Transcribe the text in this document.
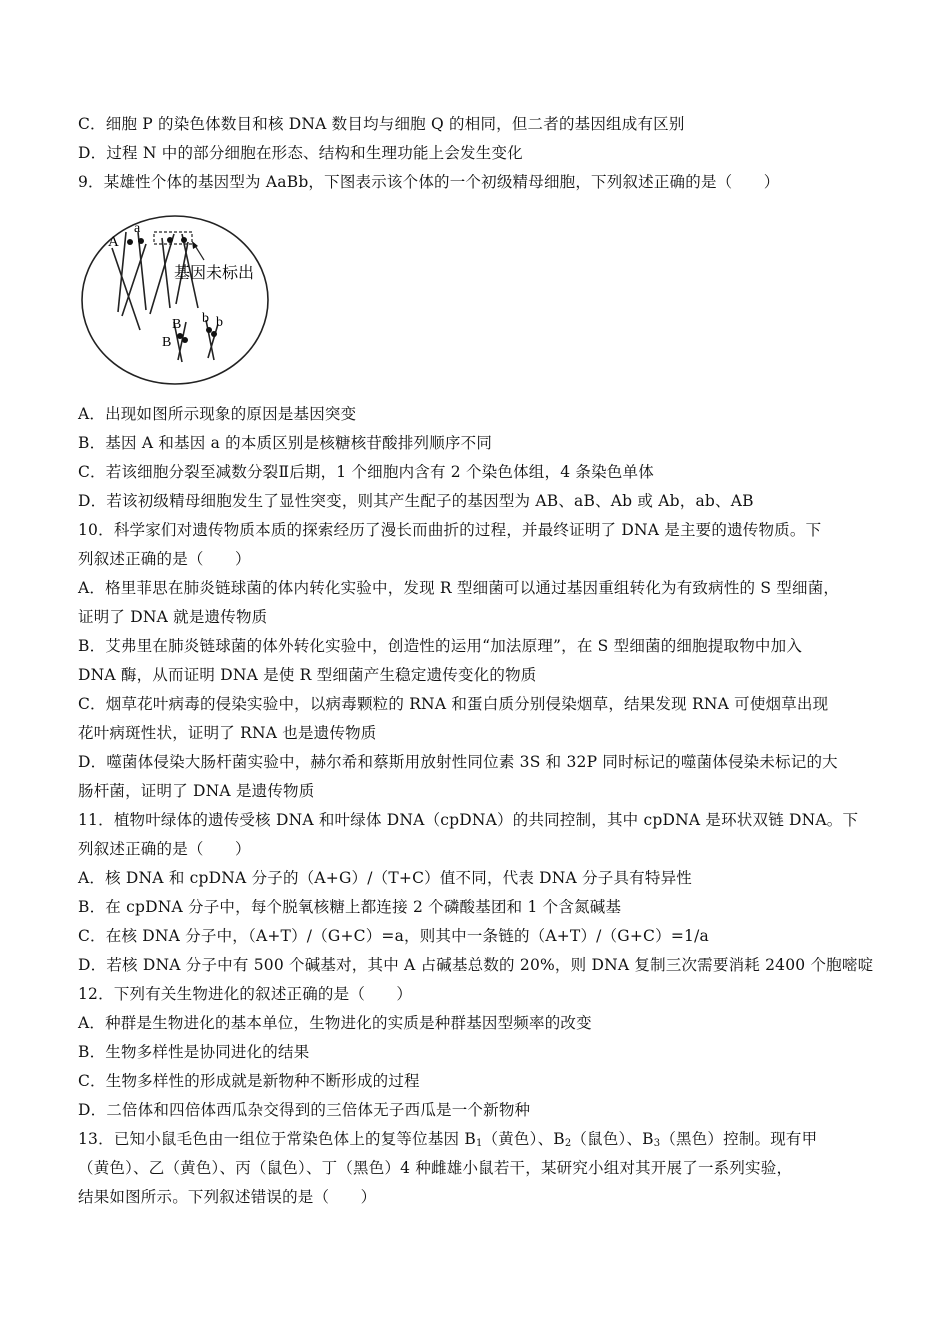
C．细胞 P 的染色体数目和核 DNA 数目均与细胞 Q 的相同，但二者的基因组成有区别
D．过程 N 中的部分细胞在形态、结构和生理功能上会发生变化
9．某雄性个体的基因型为 AaBb，下图表示该个体的一个初级精母细胞，下列叙述正确的是（　　）
A
a
B
B
b b
基因未标出
A．出现如图所示现象的原因是基因突变
B．基因 A 和基因 a 的本质区别是核糖核苷酸排列顺序不同
C．若该细胞分裂至减数分裂Ⅱ后期，1 个细胞内含有 2 个染色体组，4 条染色单体
D．若该初级精母细胞发生了显性突变，则其产生配子的基因型为 AB、aB、Ab 或 Ab，ab、AB
10．科学家们对遗传物质本质的探索经历了漫长而曲折的过程，并最终证明了 DNA 是主要的遗传物质。下
列叙述正确的是（　　）
A．格里菲思在肺炎链球菌的体内转化实验中，发现 R 型细菌可以通过基因重组转化为有致病性的 S 型细菌，
证明了 DNA 就是遗传物质
B．艾弗里在肺炎链球菌的体外转化实验中，创造性的运用“加法原理”，在 S 型细菌的细胞提取物中加入
DNA 酶，从而证明 DNA 是使 R 型细菌产生稳定遗传变化的物质
C．烟草花叶病毒的侵染实验中，以病毒颗粒的 RNA 和蛋白质分别侵染烟草，结果发现 RNA 可使烟草出现
花叶病斑性状，证明了 RNA 也是遗传物质
D．噬菌体侵染大肠杆菌实验中，赫尔希和蔡斯用放射性同位素 3S 和 32P 同时标记的噬菌体侵染未标记的大
肠杆菌，证明了 DNA 是遗传物质
11．植物叶绿体的遗传受核 DNA 和叶绿体 DNA（cpDNA）的共同控制，其中 cpDNA 是环状双链 DNA。下
列叙述正确的是（　　）
A．核 DNA 和 cpDNA 分子的（A+G）/（T+C）值不同，代表 DNA 分子具有特异性
B．在 cpDNA 分子中，每个脱氧核糖上都连接 2 个磷酸基团和 1 个含氮碱基
C．在核 DNA 分子中，（A+T）/（G+C）=a，则其中一条链的（A+T）/（G+C）=1/a
D．若核 DNA 分子中有 500 个碱基对，其中 A 占碱基总数的 20%，则 DNA 复制三次需要消耗 2400 个胞嘧啶
12．下列有关生物进化的叙述正确的是（　　）
A．种群是生物进化的基本单位，生物进化的实质是种群基因型频率的改变
B．生物多样性是协同进化的结果
C．生物多样性的形成就是新物种不断形成的过程
D．二倍体和四倍体西瓜杂交得到的三倍体无子西瓜是一个新物种
13．已知小鼠毛色由一组位于常染色体上的复等位基因 $B_1$（黄色）、$B_2$（鼠色）、$B_3$（黑色）控制。现有甲
（黄色）、乙（黄色）、丙（鼠色）、丁（黑色）4 种雌雄小鼠若干，某研究小组对其开展了一系列实验，
结果如图所示。下列叙述错误的是（　　）
